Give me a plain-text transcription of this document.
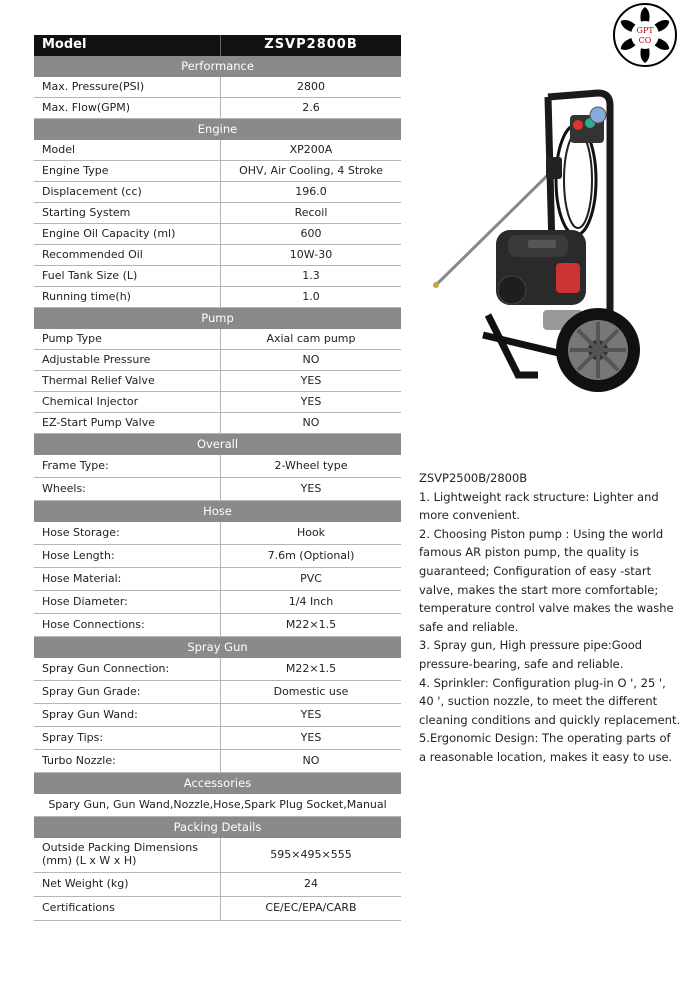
GPT
CO
Model	ZSVP2800B
Performance	
Max. Pressure(PSI)	2800
Max. Flow(GPM)	2.6
Engine	
Model	XP200A
Engine Type	OHV, Air Cooling, 4 Stroke
Displacement (cc)	196.0
Starting System	Recoil
Engine Oil Capacity (ml)	600
Recommended Oil	10W-30
Fuel Tank Size (L)	1.3
Running time(h)	1.0
Pump	
Pump Type	Axial cam pump
Adjustable Pressure	NO
Thermal Relief Valve	YES
Chemical Injector	YES
EZ-Start Pump Valve	NO
Overall	
Frame Type:	2-Wheel type
Wheels:	YES
Hose	
Hose Storage:	Hook
Hose Length:	7.6m (Optional)
Hose Material:	PVC
Hose Diameter:	1/4 Inch
Hose Connections:	M22×1.5
Spray Gun	
Spray Gun Connection:	M22×1.5
Spray Gun Grade:	Domestic use
Spray Gun Wand:	YES
Spray Tips:	YES
Turbo Nozzle:	NO
Accessories	
Spary Gun, Gun Wand,Nozzle,Hose,Spark Plug Socket,Manual	
Packing Details	
Outside Packing Dimensions
(mm) (L x W x H)	595×495×555
Net Weight (kg)	24
Certifications	CE/EC/EPA/CARB

ZSVP2500B/2800B

1. Lightweight rack structure: Lighter and more convenient.

2. Choosing Piston pump : Using the world famous AR piston pump, the quality is guaranteed; Configuration of easy -start valve, makes the start more comfortable; temperature control valve makes the washe safe and reliable.

3. Spray gun, High pressure pipe:Good pressure-bearing, safe and reliable.

4. Sprinkler: Configuration plug-in O ', 25 ', 40 ', suction nozzle, to meet the different cleaning conditions and quickly replacement.

5.Ergonomic Design: The operating parts of a reasonable location, makes it easy to use.
